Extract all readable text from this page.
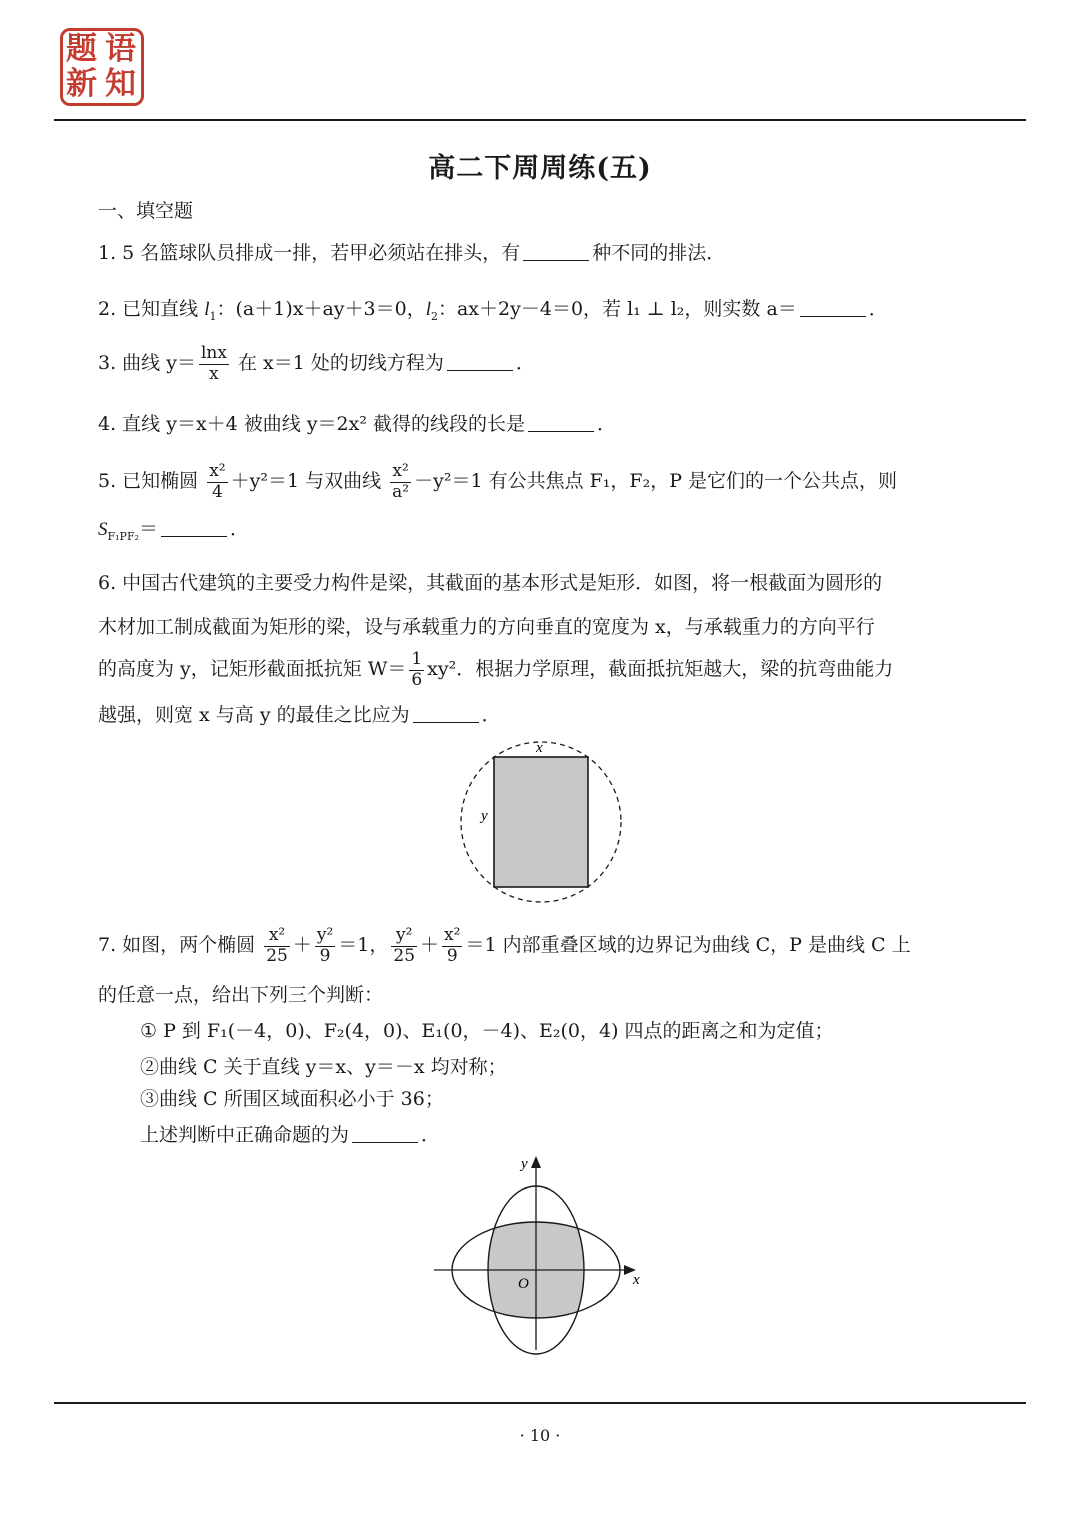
题 语
新 知
高二下周周练(五)
一、填空题
1. 5 名篮球队员排成一排，若甲必须站在排头，有	种不同的排法．
2. 已知直线 $l_1$：(a＋1)x＋ay＋3＝0，$l_2$：ax＋2y－4＝0，若 l₁ ⊥ l₂，则实数 a＝	．
3. 曲线 $y= \frac{\ln x}{x}$ 在 x＝1 处的切线方程为	．
4. 直线 y＝x＋4 被曲线 y＝2x² 截得的线段的长是	．
5. 已知椭圆 $\frac{\text{x²}}{4} +y^2=1$ 与双曲线 $\frac{\text{x²}}{\text{a²}} -y^2=1$ 有公共焦点 F₁，F₂，P 是它们的一个公共点，则
$S_{F_1PF_2}=$	．
6. 中国古代建筑的主要受力构件是梁，其截面的基本形式是矩形．如图，将一根截面为圆形的
木材加工制成截面为矩形的梁，设与承载重力的方向垂直的宽度为 x，与承载重力的方向平行
的高度为 y，记矩形截面抵抗矩 $W= \frac{1}{6} xy^2$．根据力学原理，截面抵抗矩越大，梁的抗弯曲能力
越强，则宽 x 与高 y 的最佳之比应为	．
x
y
7. 如图，两个椭圆 $\frac{\text{x²}}{25} + \frac{\text{y²}}{9} =1$， $\frac{\text{y²}}{25} + \frac{\text{x²}}{9} =1$ 内部重叠区域的边界记为曲线 C，P 是曲线 C 上
的任意一点，给出下列三个判断：
① P 到 F₁(－4，0)、F₂(4，0)、E₁(0，－4)、E₂(0，4) 四点的距离之和为定值；
②曲线 C 关于直线 y＝x、y＝－x 均对称；
③曲线 C 所围区域面积必小于 36；
上述判断中正确命题的为	．
x
y
O
· 10 ·
